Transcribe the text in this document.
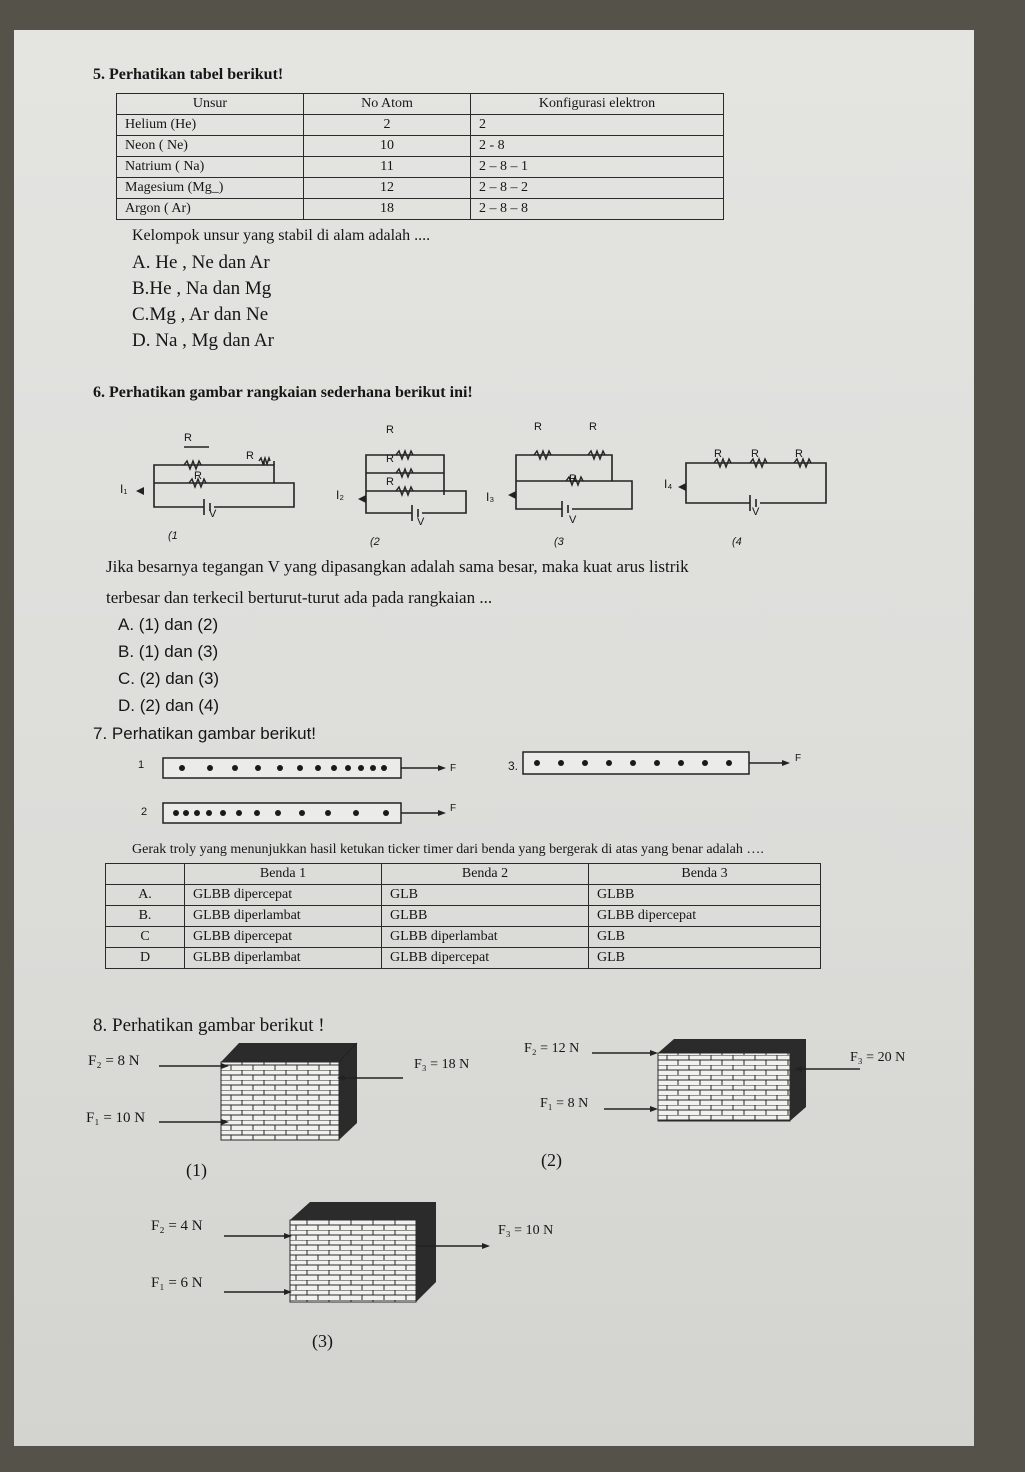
5. Perhatikan tabel berikut!
Unsur	No Atom	Konfigurasi elektron
Helium (He)	2	2
Neon ( Ne)	10	2 - 8
Natrium ( Na)	11	2 – 8 – 1
Magesium (Mg_)	12	2 – 8 – 2
Argon ( Ar)	18	2 – 8 – 8
Kelompok unsur yang stabil di alam adalah ....
A. He , Ne dan Ar
B.He , Na dan Mg
C.Mg , Ar dan Ne
D. Na , Mg dan Ar
6. Perhatikan gambar rangkaian sederhana berikut ini!
R
R
R
I₁
V
(1
R
R
R
I₂
V
(2
R	R
R
I₃
V
(3
R	R	R
I₄
V
(4
Jika besarnya tegangan V yang dipasangkan adalah sama besar, maka kuat arus listrik
terbesar dan terkecil berturut-turut ada pada rangkaian ...
A. (1) dan (2)
B. (1) dan (3)
C. (2) dan (3)
D. (2) dan (4)
7. Perhatikan gambar berikut!
1	F
2	F
3.
F
Gerak troly yang menunjukkan hasil ketukan ticker timer dari benda yang bergerak di atas yang benar adalah ….
	Benda 1	Benda 2	Benda 3
A.	GLBB dipercepat	GLB	GLBB
B.	GLBB diperlambat	GLBB	GLBB dipercepat
C	GLBB dipercepat	GLBB diperlambat	GLB
D	GLBB diperlambat	GLBB dipercepat	GLB
8. Perhatikan gambar berikut !
F₂ = 8 N
F₁ = 10 N
F₃ = 18 N
(1)
F₂ = 12 N
F₁ = 8 N
F₃ = 20 N
(2)
F₂ = 4 N
F₁ = 6 N
F₃ = 10 N
(3)
